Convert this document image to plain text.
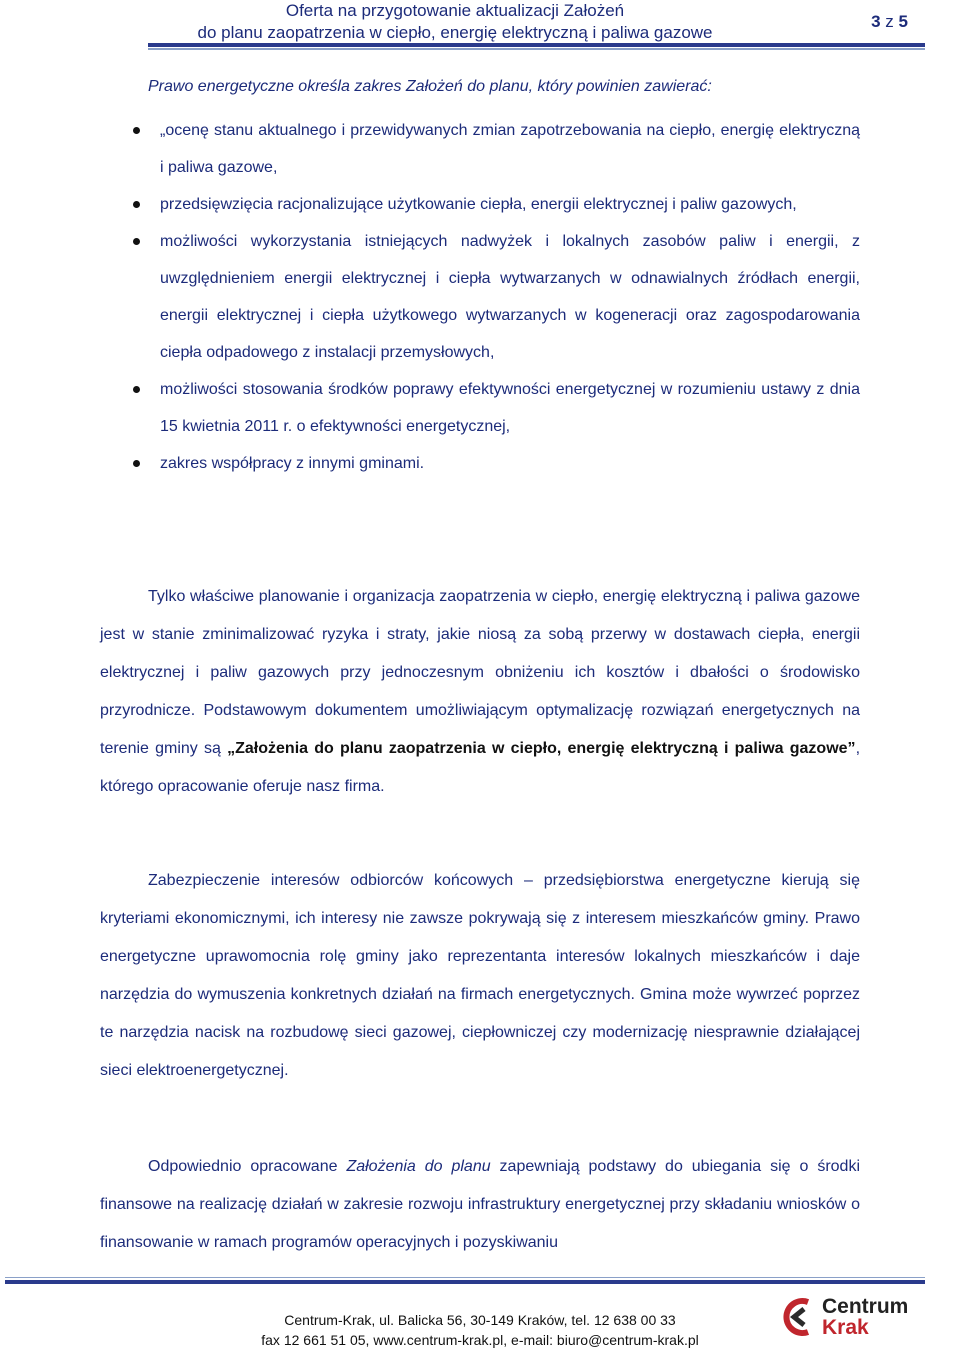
Oferta na przygotowanie aktualizacji Założeń
do planu zaopatrzenia w ciepło, energię elektryczną i paliwa gazowe
3 z 5
Prawo energetyczne określa zakres Założeń do planu, który powinien zawierać:
„ocenę stanu aktualnego i przewidywanych zmian zapotrzebowania na ciepło, energię elektryczną i paliwa gazowe,
przedsięwzięcia racjonalizujące użytkowanie ciepła, energii elektrycznej i paliw gazowych,
możliwości wykorzystania istniejących nadwyżek i lokalnych zasobów paliw i energii, z uwzględnieniem energii elektrycznej i ciepła wytwarzanych w odnawialnych źródłach energii, energii elektrycznej i ciepła użytkowego wytwarzanych w kogeneracji oraz zagospodarowania ciepła odpadowego z instalacji przemysłowych,
możliwości stosowania środków poprawy efektywności energetycznej w rozumieniu ustawy z dnia 15 kwietnia 2011 r. o efektywności energetycznej,
zakres współpracy z innymi gminami.

Tylko właściwe planowanie i organizacja zaopatrzenia w ciepło, energię elektryczną i paliwa gazowe jest w stanie zminimalizować ryzyka i straty, jakie niosą za sobą przerwy w dostawach ciepła, energii elektrycznej i paliw gazowych przy jednoczesnym obniżeniu ich kosztów i dbałości o środowisko przyrodnicze. Podstawowym dokumentem umożliwiającym optymalizację rozwiązań energetycznych na terenie gminy są „Założenia do planu zaopatrzenia w ciepło, energię elektryczną i paliwa gazowe”, którego opracowanie oferuje nasz firma.

Zabezpieczenie interesów odbiorców końcowych – przedsiębiorstwa energetyczne kierują się kryteriami ekonomicznymi, ich interesy nie zawsze pokrywają się z interesem mieszkańców gminy. Prawo energetyczne uprawomocnia rolę gminy jako reprezentanta interesów lokalnych mieszkańców i daje narzędzia do wymuszenia konkretnych działań na firmach energetycznych. Gmina może wywrzeć poprzez te narzędzia nacisk na rozbudowę sieci gazowej, ciepłowniczej czy modernizację niesprawnie działającej sieci elektroenergetycznej.

Odpowiednio opracowane Założenia do planu zapewniają podstawy do ubiegania się o środki finansowe na realizację działań w zakresie rozwoju infrastruktury energetycznej przy składaniu wniosków o finansowanie w ramach programów operacyjnych i pozyskiwaniu

Centrum-Krak, ul. Balicka 56, 30-149 Kraków, tel. 12 638 00 33
fax 12 661 51 05, www.centrum-krak.pl, e-mail: biuro@centrum-krak.pl
Centrum
Krak
